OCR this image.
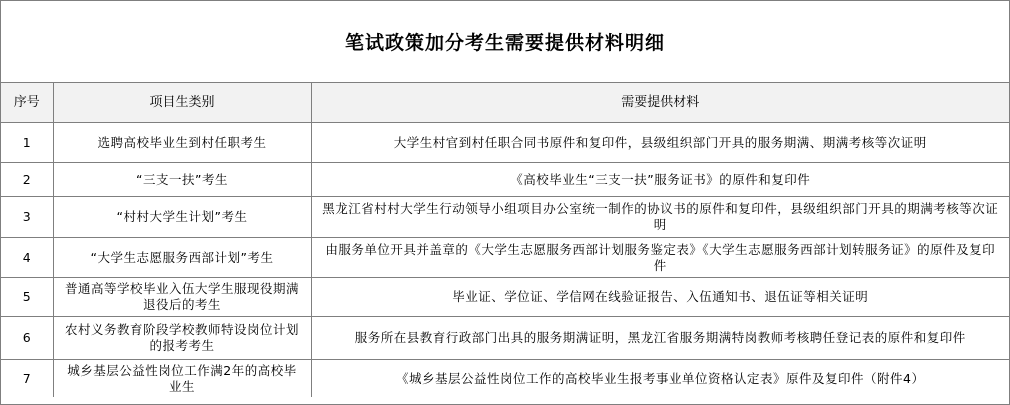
笔试政策加分考生需要提供材料明细
序号	项目生类别	需要提供材料
1	选聘高校毕业生到村任职考生	大学生村官到村任职合同书原件和复印件，县级组织部门开具的服务期满、期满考核等次证明
2	“三支一扶”考生	《高校毕业生“三支一扶”服务证书》的原件和复印件
3	“村村大学生计划”考生	黑龙江省村村大学生行动领导小组项目办公室统一制作的协议书的原件和复印件，县级组织部门开具的期满考核等次证明
4	“大学生志愿服务西部计划”考生	由服务单位开具并盖章的《大学生志愿服务西部计划服务鉴定表》《大学生志愿服务西部计划转服务证》的原件及复印件
5	普通高等学校毕业入伍大学生服现役期满退役后的考生	毕业证、学位证、学信网在线验证报告、入伍通知书、退伍证等相关证明
6	农村义务教育阶段学校教师特设岗位计划的报考考生	服务所在县教育行政部门出具的服务期满证明，黑龙江省服务期满特岗教师考核聘任登记表的原件和复印件
7	城乡基层公益性岗位工作满2年的高校毕业生	《城乡基层公益性岗位工作的高校毕业生报考事业单位资格认定表》原件及复印件（附件4）
